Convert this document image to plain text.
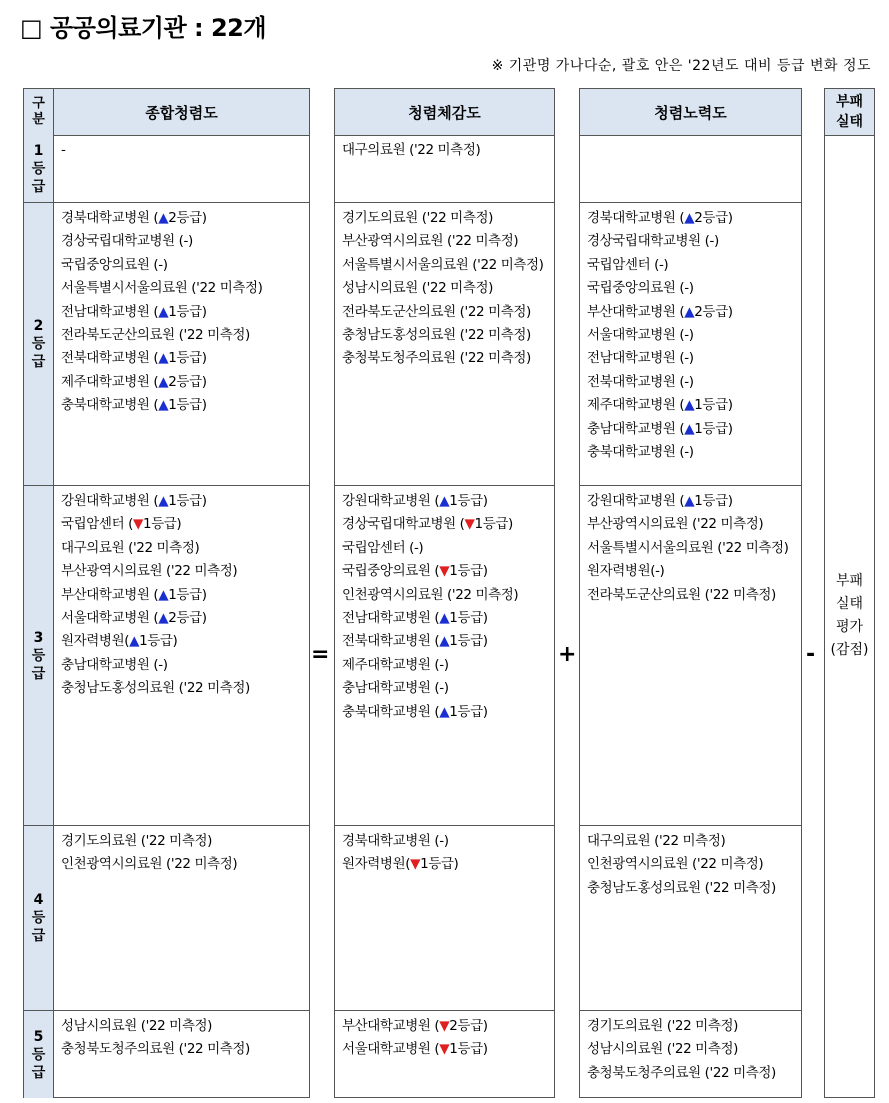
□ 공공의료기관 : 22개
※ 기관명 가나다순, 괄호 안은 '22년도 대비 등급 변화 정도
구
분
1
등
급
2
등
급
3
등
급
4
등
급
5
등
급
종합청렴도
-
경북대학교병원 (▲2등급)
경상국립대학교병원 (-)
국립중앙의료원 (-)
서울특별시서울의료원 ('22 미측정)
전남대학교병원 (▲1등급)
전라북도군산의료원 ('22 미측정)
전북대학교병원 (▲1등급)
제주대학교병원 (▲2등급)
충북대학교병원 (▲1등급)
강원대학교병원 (▲1등급)
국립암센터 (▼1등급)
대구의료원 ('22 미측정)
부산광역시의료원 ('22 미측정)
부산대학교병원 (▲1등급)
서울대학교병원 (▲2등급)
원자력병원(▲1등급)
충남대학교병원 (-)
충청남도홍성의료원 ('22 미측정)
경기도의료원 ('22 미측정)
인천광역시의료원 ('22 미측정)
성남시의료원 ('22 미측정)
충청북도청주의료원 ('22 미측정)
=
청렴체감도
대구의료원 ('22 미측정)
경기도의료원 ('22 미측정)
부산광역시의료원 ('22 미측정)
서울특별시서울의료원 ('22 미측정)
성남시의료원 ('22 미측정)
전라북도군산의료원 ('22 미측정)
충청남도홍성의료원 ('22 미측정)
충청북도청주의료원 ('22 미측정)
강원대학교병원 (▲1등급)
경상국립대학교병원 (▼1등급)
국립암센터 (-)
국립중앙의료원 (▼1등급)
인천광역시의료원 ('22 미측정)
전남대학교병원 (▲1등급)
전북대학교병원 (▲1등급)
제주대학교병원 (-)
충남대학교병원 (-)
충북대학교병원 (▲1등급)
경북대학교병원 (-)
원자력병원(▼1등급)
부산대학교병원 (▼2등급)
서울대학교병원 (▼1등급)
+
청렴노력도
경북대학교병원 (▲2등급)
경상국립대학교병원 (-)
국립암센터 (-)
국립중앙의료원 (-)
부산대학교병원 (▲2등급)
서울대학교병원 (-)
전남대학교병원 (-)
전북대학교병원 (-)
제주대학교병원 (▲1등급)
충남대학교병원 (▲1등급)
충북대학교병원 (-)
강원대학교병원 (▲1등급)
부산광역시의료원 ('22 미측정)
서울특별시서울의료원 ('22 미측정)
원자력병원(-)
전라북도군산의료원 ('22 미측정)
대구의료원 ('22 미측정)
인천광역시의료원 ('22 미측정)
충청남도홍성의료원 ('22 미측정)
경기도의료원 ('22 미측정)
성남시의료원 ('22 미측정)
충청북도청주의료원 ('22 미측정)
-
부패
실태
부패
실태
평가
(감점)
